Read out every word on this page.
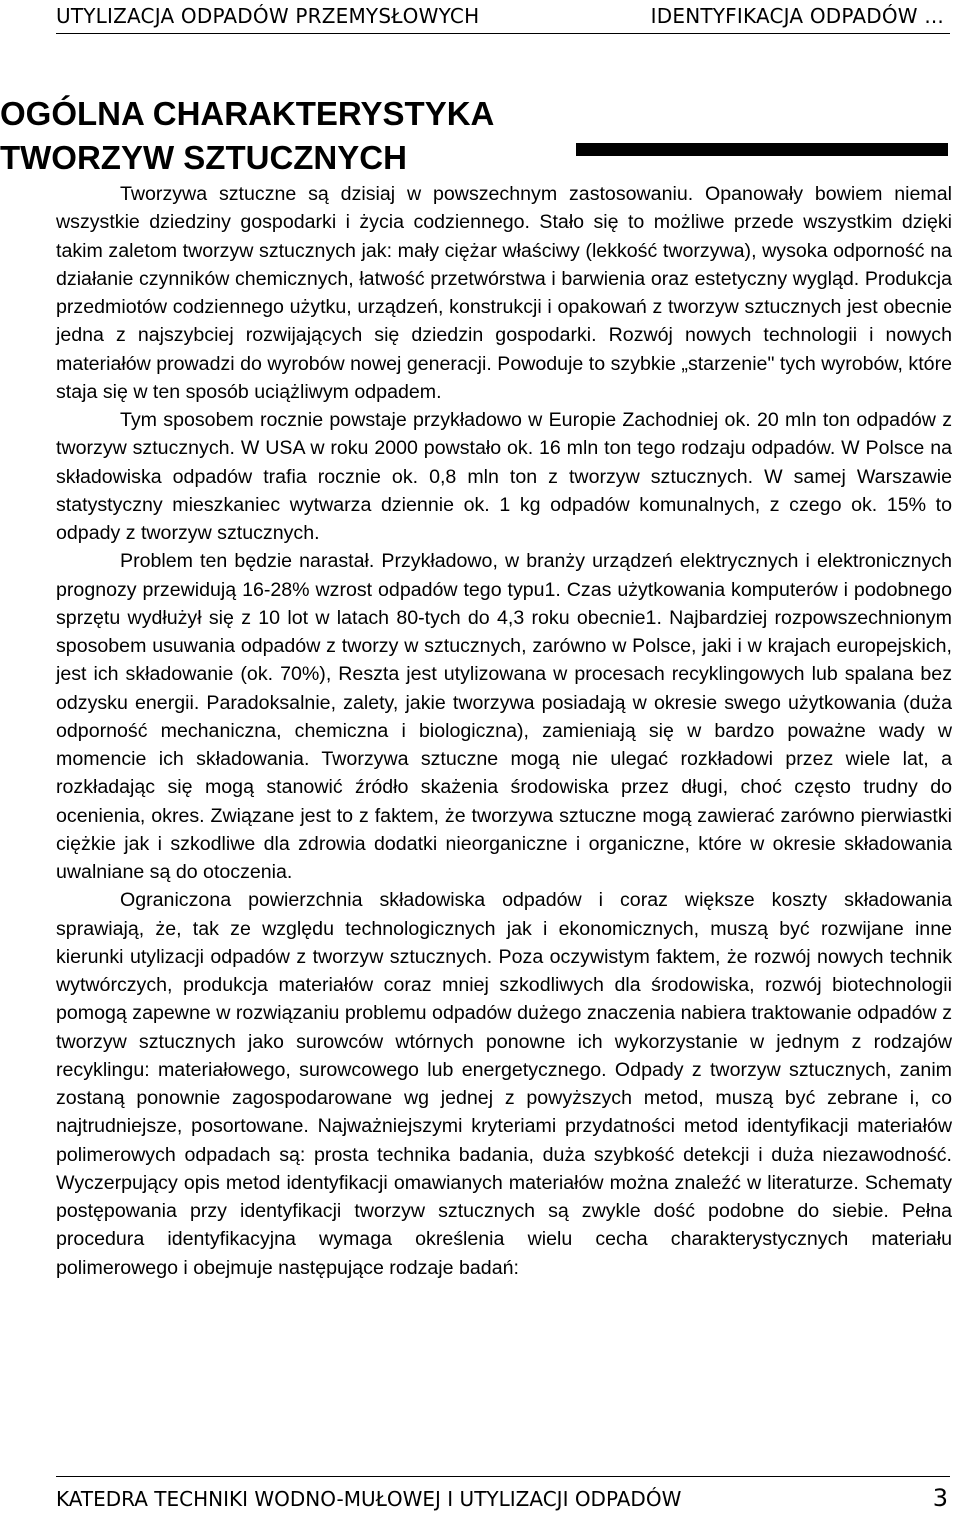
UTYLIZACJA ODPADÓW PRZEMYSŁOWYCH	IDENTYFIKACJA ODPADÓW ...
OGÓLNA CHARAKTERYSTYKA
TWORZYW SZTUCZNYCH

Tworzywa sztuczne są dzisiaj w powszechnym zastosowaniu. Opanowały bowiem niemal wszystkie dziedziny gospodarki i życia codziennego. Stało się to możliwe przede wszystkim dzięki takim zaletom tworzyw sztucznych jak: mały ciężar właściwy (lekkość tworzywa), wysoka odporność na działanie czynników chemicznych, łatwość przetwórstwa i barwienia oraz estetyczny wygląd. Produkcja przedmiotów codziennego użytku, urządzeń, konstrukcji i opakowań z tworzyw sztucznych jest obecnie jedna z najszybciej rozwijających się dziedzin gospodarki. Rozwój nowych technologii i nowych materiałów prowadzi do wyrobów nowej generacji. Powoduje to szybkie „starzenie" tych wyrobów, które staja się w ten sposób uciążliwym odpadem.

Tym sposobem rocznie powstaje przykładowo w Europie Zachodniej ok. 20 mln ton odpadów z tworzyw sztucznych. W USA w roku 2000 powstało ok. 16 mln ton tego rodzaju odpadów. W Polsce na składowiska odpadów trafia rocznie ok. 0,8 mln ton z tworzyw sztucznych. W samej Warszawie statystyczny mieszkaniec wytwarza dziennie ok. 1 kg odpadów komunalnych, z czego ok. 15% to odpady z tworzyw sztucznych.

Problem ten będzie narastał. Przykładowo, w branży urządzeń elektrycznych i elektronicznych prognozy przewidują 16-28% wzrost odpadów tego typu1. Czas użytkowania komputerów i podobnego sprzętu wydłużył się z 10 lot w latach 80-tych do 4,3 roku obecnie1. Najbardziej rozpowszechnionym sposobem usuwania odpadów z tworzy w sztucznych, zarówno w Polsce, jaki i w krajach europejskich, jest ich składowanie (ok. 70%), Reszta jest utylizowana w procesach recyklingowych lub spalana bez odzysku energii. Paradoksalnie, zalety, jakie tworzywa posiadają w okresie swego użytkowania (duża odporność mechaniczna, chemiczna i biologiczna), zamieniają się w bardzo poważne wady w momencie ich składowania. Tworzywa sztuczne mogą nie ulegać rozkładowi przez wiele lat, a rozkładając się mogą stanowić źródło skażenia środowiska przez długi, choć często trudny do ocenienia, okres. Związane jest to z faktem, że tworzywa sztuczne mogą zawierać zarówno pierwiastki ciężkie jak i szkodliwe dla zdrowia dodatki nieorganiczne i organiczne, które w okresie składowania uwalniane są do otoczenia.

Ograniczona powierzchnia składowiska odpadów i coraz większe koszty składowania sprawiają, że, tak ze względu technologicznych jak i ekonomicznych, muszą być rozwijane inne kierunki utylizacji odpadów z tworzyw sztucznych. Poza oczywistym faktem, że rozwój nowych technik wytwórczych, produkcja materiałów coraz mniej szkodliwych dla środowiska, rozwój biotechnologii pomogą zapewne w rozwiązaniu problemu odpadów dużego znaczenia nabiera traktowanie odpadów z tworzyw sztucznych jako surowców wtórnych ponowne ich wykorzystanie w jednym z rodzajów recyklingu: materiałowego, surowcowego lub energetycznego. Odpady z tworzyw sztucznych, zanim zostaną ponownie zagospodarowane wg jednej z powyższych metod, muszą być zebrane i, co najtrudniejsze, posortowane. Najważniejszymi kryteriami przydatności metod identyfikacji materiałów polimerowych odpadach są: prosta technika badania, duża szybkość detekcji i duża niezawodność. Wyczerpujący opis metod identyfikacji omawianych materiałów można znaleźć w literaturze. Schematy postępowania przy identyfikacji tworzyw sztucznych są zwykle dość podobne do siebie. Pełna procedura identyfikacyjna wymaga określenia wielu cecha charakterystycznych materiału polimerowego i obejmuje następujące rodzaje badań:

KATEDRA TECHNIKI WODNO-MUŁOWEJ I UTYLIZACJI ODPADÓW	3
